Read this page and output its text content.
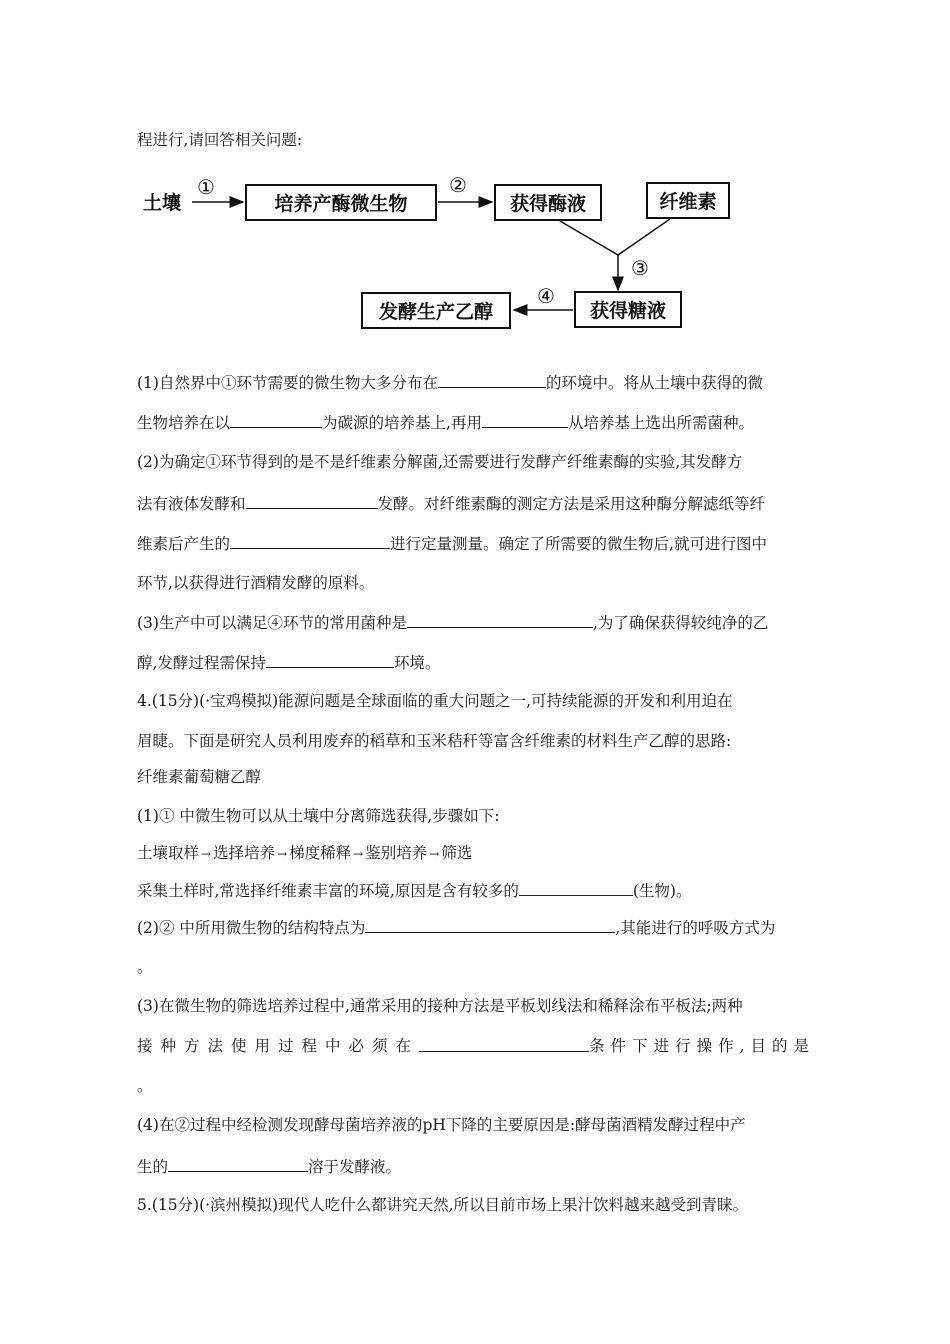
程进行,请回答相关问题:
土壤
①
培养产酶微生物
②
获得酶液	纤维素
③
获得糖液
④
发酵生产乙醇
(1)自然界中①环节需要的微生物大多分布在	的环境中。将从土壤中获得的微
生物培养在以	为碳源的培养基上,再用	从培养基上选出所需菌种。
(2)为确定①环节得到的是不是纤维素分解菌,还需要进行发酵产纤维素酶的实验,其发酵方
法有液体发酵和	发酵。对纤维素酶的测定方法是采用这种酶分解滤纸等纤
维素后产生的	进行定量测量。确定了所需要的微生物后,就可进行图中
环节,以获得进行酒精发酵的原料。
(3)生产中可以满足④环节的常用菌种是	,为了确保获得较纯净的乙
醇,发酵过程需保持	环境。
4.(15分)(·宝鸡模拟)能源问题是全球面临的重大问题之一,可持续能源的开发和利用迫在
眉睫。下面是研究人员利用废弃的稻草和玉米秸秆等富含纤维素的材料生产乙醇的思路:
纤维素葡萄糖乙醇
(1)① 中微生物可以从土壤中分离筛选获得,步骤如下:
土壤取样 → 选择培养 → 梯度稀释 → 鉴别培养 → 筛选
采集土样时,常选择纤维素丰富的环境,原因是含有较多的	(生物)。
(2)② 中所用微生物的结构特点为	,其能进行的呼吸方式为
。
(3)在微生物的筛选培养过程中,通常采用的接种方法是平板划线法和稀释涂布平板法;两种
接种方法使用过程中必须在	条件下进行操作,目的是
。
(4)在②过程中经检测发现酵母菌培养液的pH下降的主要原因是:酵母菌酒精发酵过程中产
生的	溶于发酵液。
5.(15分)(·滨州模拟)现代人吃什么都讲究天然,所以目前市场上果汁饮料越来越受到青睐。
